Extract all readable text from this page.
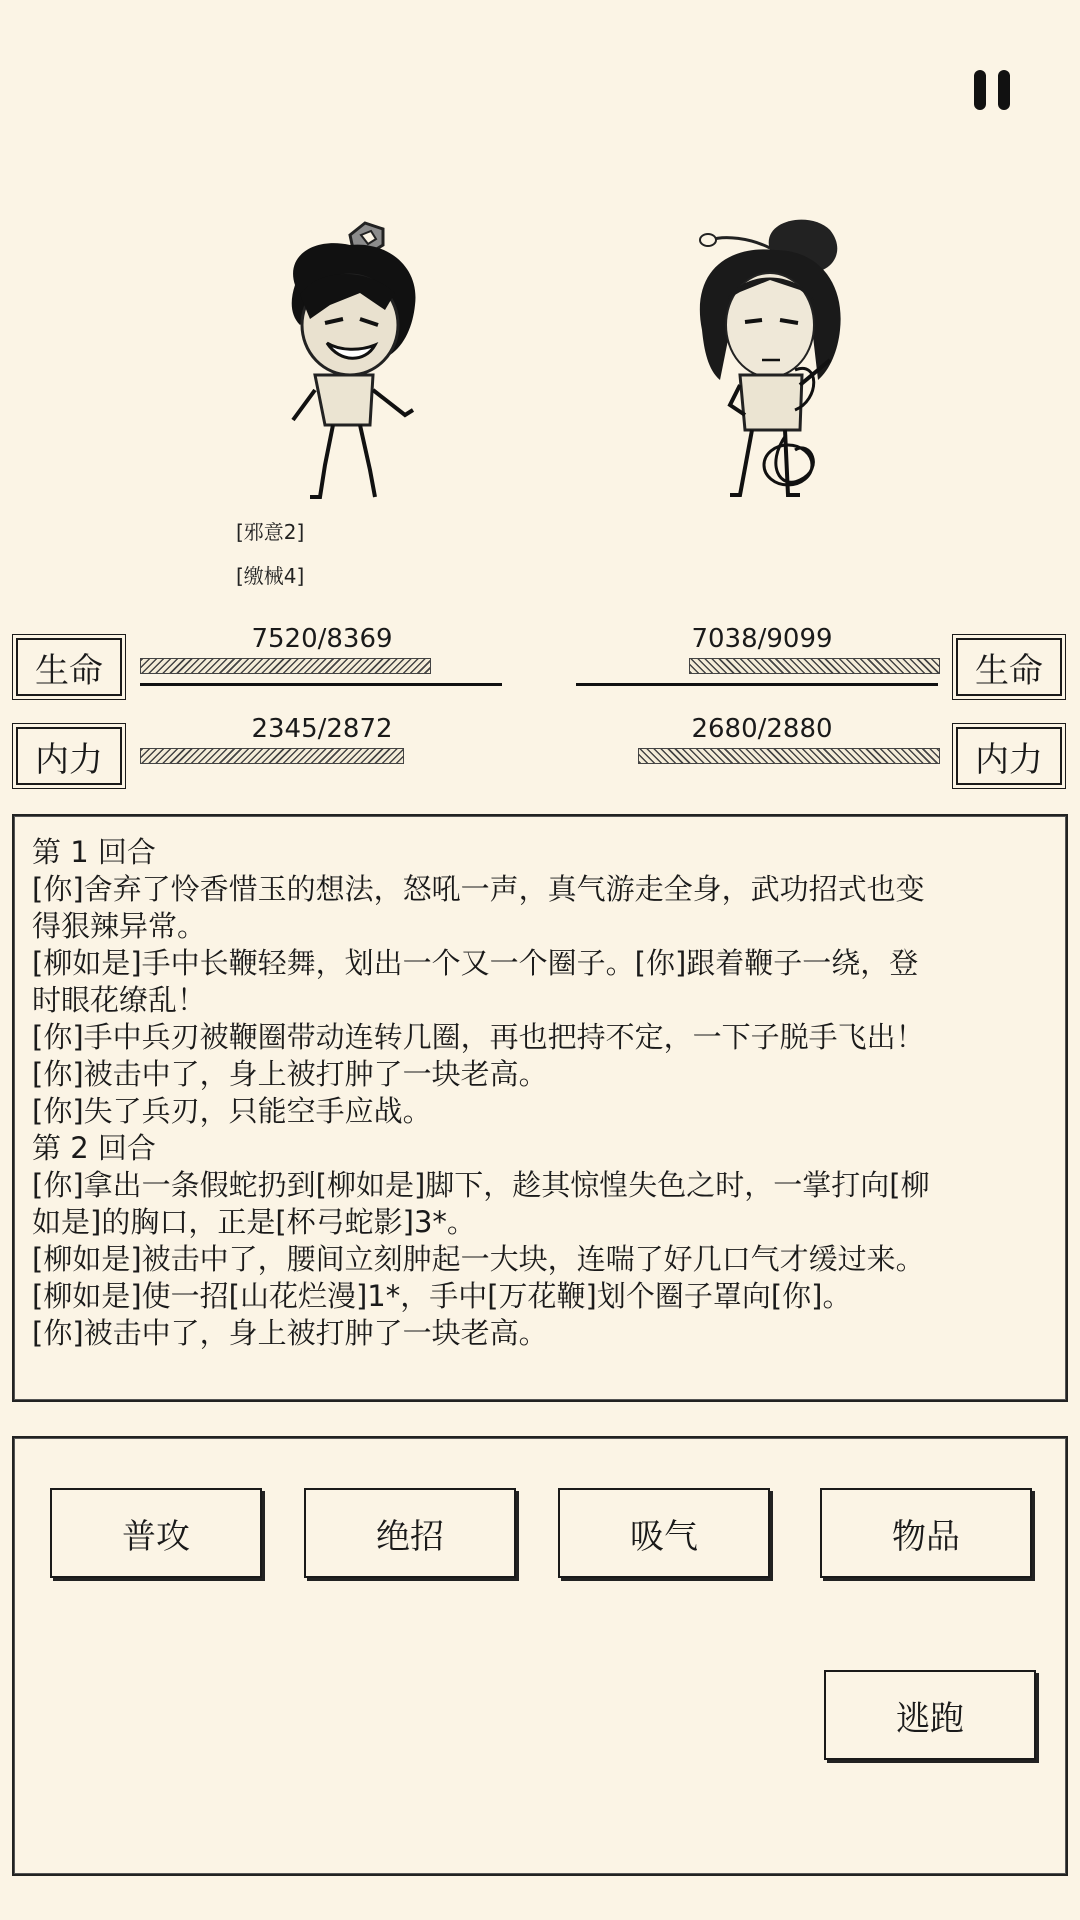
[邪意2]
[缴械4]
生命
7520/8369
内力
2345/2872
生命
7038/9099
内力
2680/2880
第 1 回合
[你]舍弃了怜香惜玉的想法，怒吼一声，真气游走全身，武功招式也变
得狠辣异常。
[柳如是]手中长鞭轻舞，划出一个又一个圈子。[你]跟着鞭子一绕，登
时眼花缭乱！
[你]手中兵刃被鞭圈带动连转几圈，再也把持不定，一下子脱手飞出！
[你]被击中了，身上被打肿了一块老高。
[你]失了兵刃，只能空手应战。
第 2 回合
[你]拿出一条假蛇扔到[柳如是]脚下，趁其惊惶失色之时，一掌打向[柳
如是]的胸口，正是[杯弓蛇影]3*。
[柳如是]被击中了，腰间立刻肿起一大块，连喘了好几口气才缓过来。
[柳如是]使一招[山花烂漫]1*，手中[万花鞭]划个圈子罩向[你]。
[你]被击中了，身上被打肿了一块老高。
普攻	绝招	吸气	物品
逃跑
